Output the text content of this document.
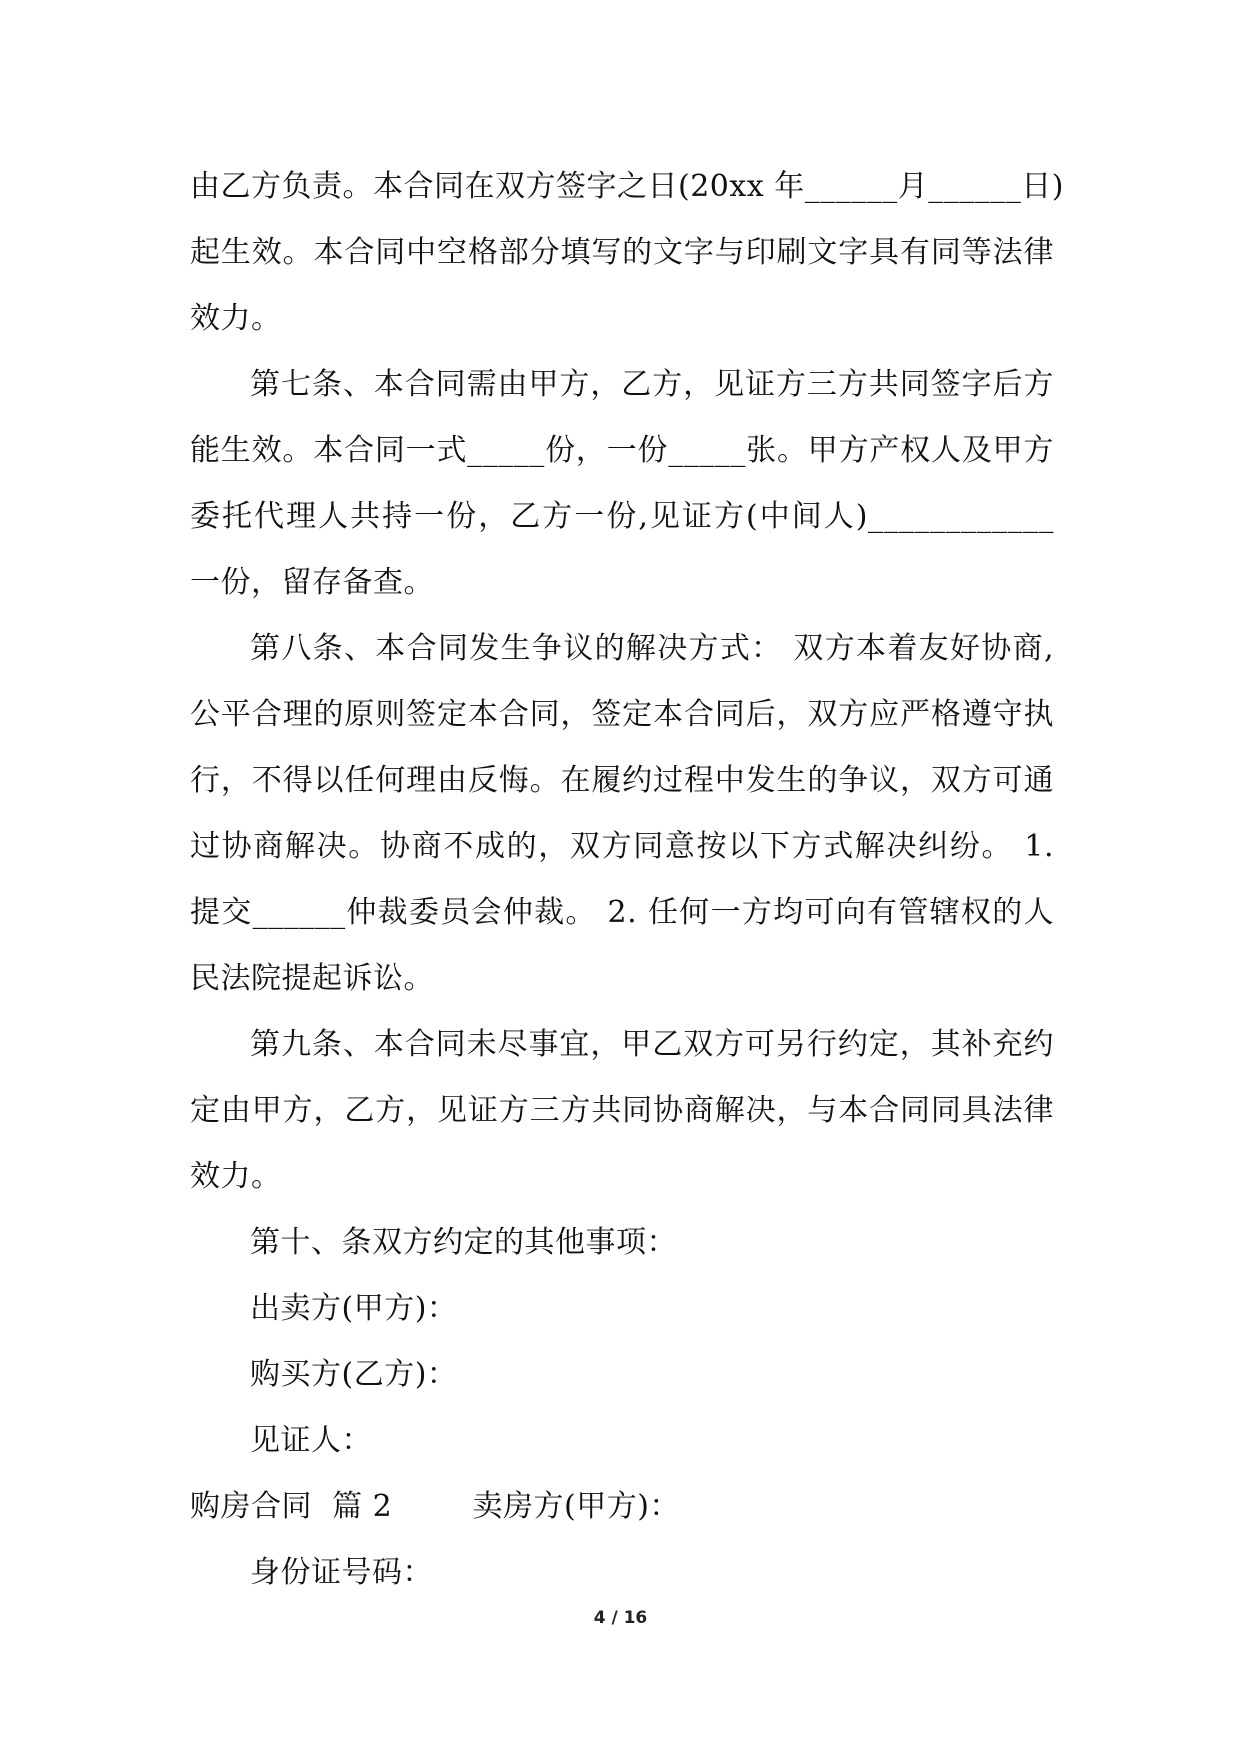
由乙方负责。本合同在双方签字之日(20xx 年______月______日)
起生效。本合同中空格部分填写的文字与印刷文字具有同等法律
效力。
第七条、本合同需由甲方，乙方，见证方三方共同签字后方
能生效。本合同一式_____份，一份_____张。甲方产权人及甲方
委托代理人共持一份，乙方一份,见证方(中间人)____________
一份，留存备查。
第八条、本合同发生争议的解决方式： 双方本着友好协商,
公平合理的原则签定本合同，签定本合同后，双方应严格遵守执
行，不得以任何理由反悔。在履约过程中发生的争议，双方可通
过协商解决。协商不成的，双方同意按以下方式解决纠纷。 1.
提交______仲裁委员会仲裁。 2. 任何一方均可向有管辖权的人
民法院提起诉讼。
第九条、本合同未尽事宜，甲乙双方可另行约定，其补充约
定由甲方，乙方，见证方三方共同协商解决，与本合同同具法律
效力。
第十、条双方约定的其他事项：
出卖方(甲方)：
购买方(乙方)：
见证人：
购房合同  篇 2        卖房方(甲方)：
身份证号码：
4 / 16
